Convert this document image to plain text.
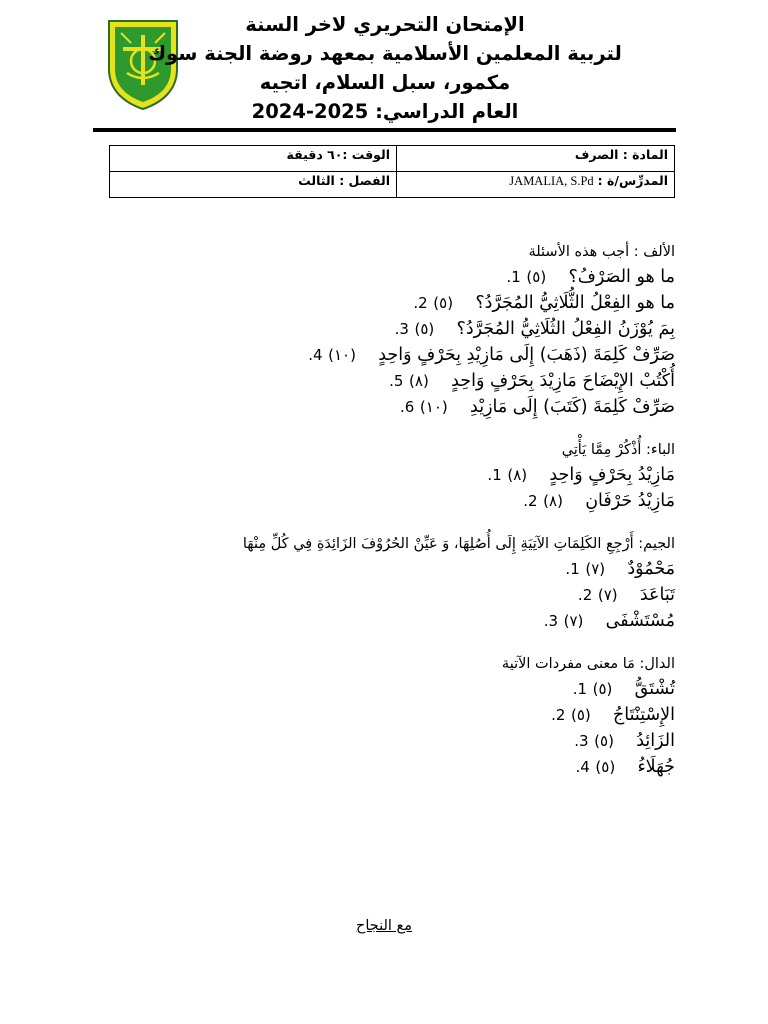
الإمتحان التحريري لاخر السنة
لتربية المعلمين الأسلامية بمعهد روضة الجنة سوك
مكمور، سبل السلام، اتجيه
العام الدراسي: 2025-2024
المادة : الصرف	الوقت :٦٠ دقيقة
المدرِّس/ة : JAMALIA, S.Pd	الفصل : الثالث
الألف : أجب هذه الأسئلة
ما هو الصَرْفُ؟    (٥) 1.
ما هو الفِعْلُ الثُّلَاثِيُّ المُجَرَّدُ؟    (٥) 2.
بِمَ يُوْزَنُ الفِعْلُ الثُلَاثِيُّ المُجَرَّدُ؟    (٥) 3.
صَرِّفْ كَلِمَةَ (ذَهَبَ) إِلَى مَازِيْدِ بِحَرْفٍ وَاحِدٍ    (١٠) 4.
أُكْتُبْ الإِيْضَاحَ مَازِيْدَ بِحَرْفٍ وَاحِدٍ    (٨) 5.
صَرِّفْ كَلِمَةَ (كَتَبَ) إِلَى مَازِيْدِ    (١٠) 6.
الباء: أُذْكُرْ مِمَّا يَأْتِي
مَازِيْدُ بِحَرْفٍ وَاحِدٍ    (٨) 1.
مَازِيْدُ حَرْفَانِ    (٨) 2.
الجيم: أَرْجِعِ الكَلِمَاتِ الآتِيَةِ إِلَى أُصُلِهَا، وَ عَيِّنْ الحُرُوْفَ الزَائِدَةِ فِي كُلِّ مِنْهَا
مَحْمُوْدٌ    (٧) 1.
تَبَاعَدَ    (٧) 2.
مُسْتَشْفَى    (٧) 3.
الدال: مَا معنى مفردات الآتية
تُشْتَقُّ    (٥) 1.
الإِسْتِنْتَاجُ    (٥) 2.
الزَائِدُ    (٥) 3.
جُهَلَاءُ    (٥) 4.
مع النجاح
